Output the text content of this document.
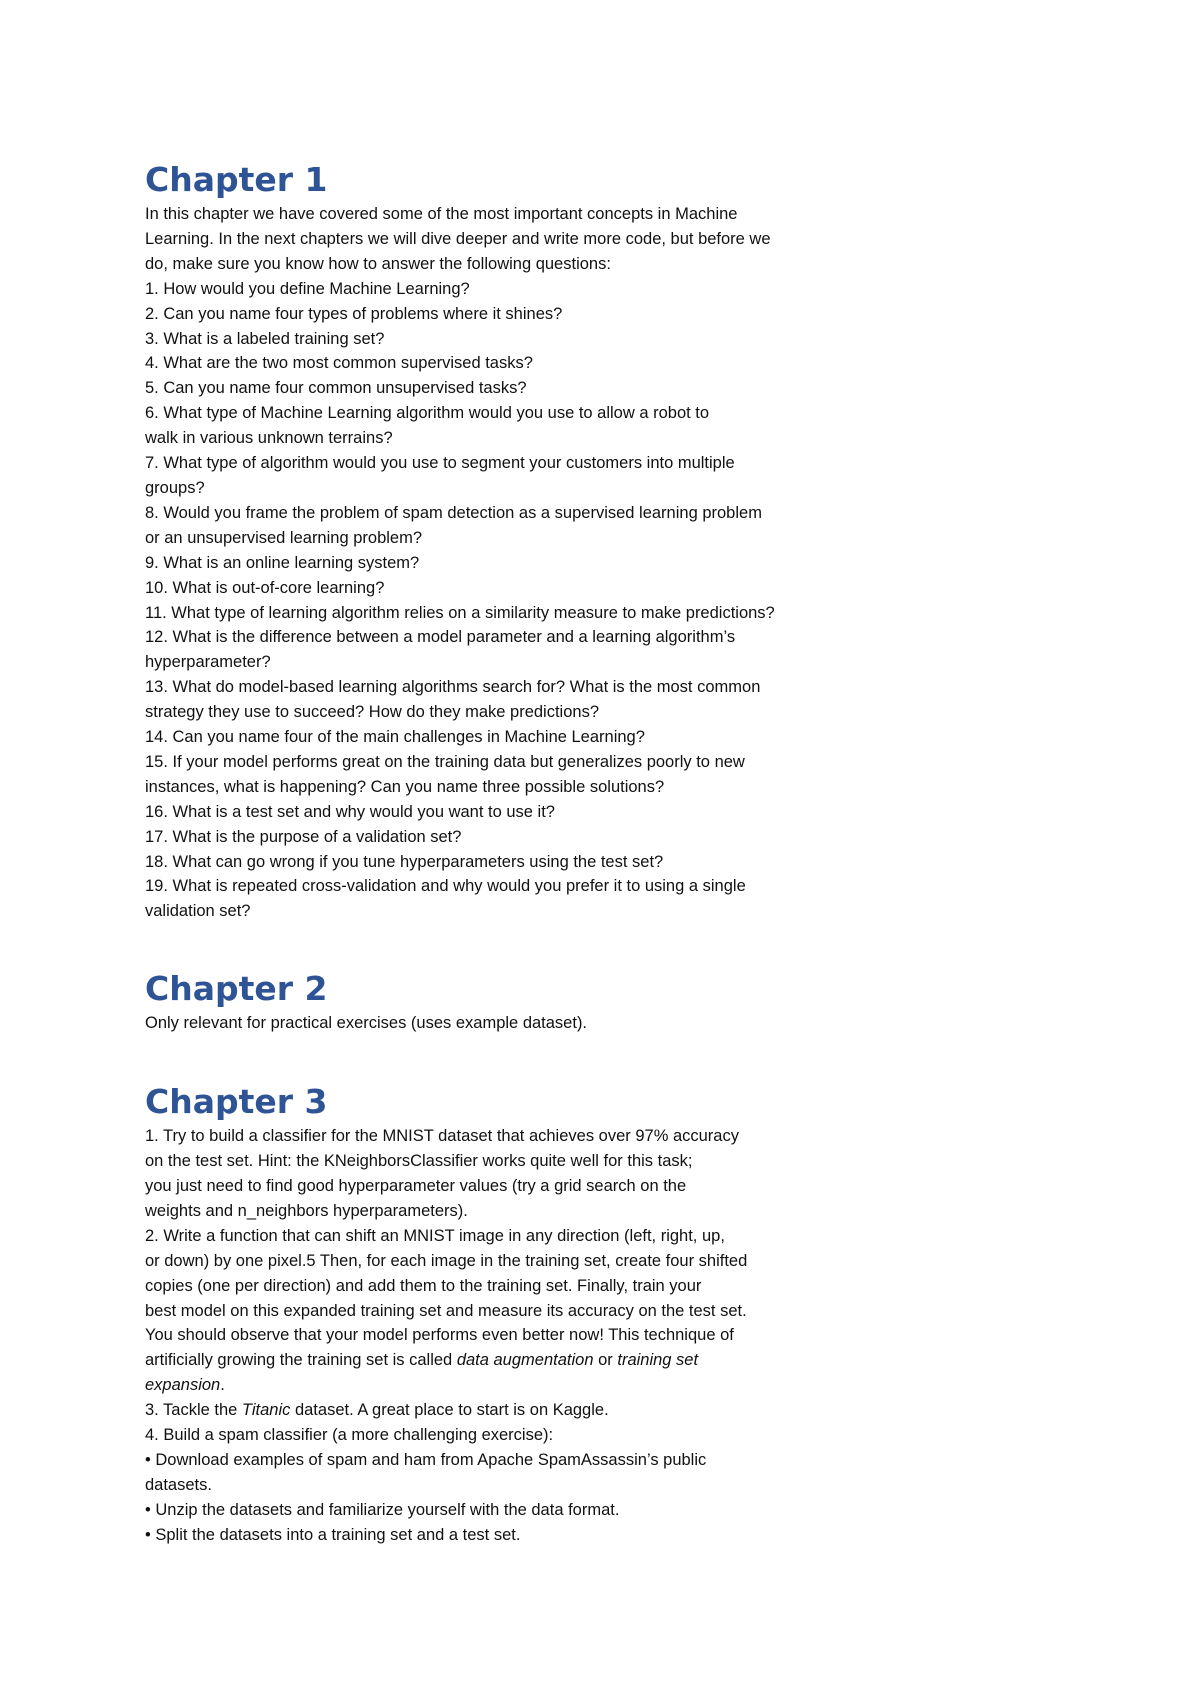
Chapter 1

In this chapter we have covered some of the most important concepts in Machine

Learning. In the next chapters we will dive deeper and write more code, but before we

do, make sure you know how to answer the following questions:

1. How would you define Machine Learning?

2. Can you name four types of problems where it shines?

3. What is a labeled training set?

4. What are the two most common supervised tasks?

5. Can you name four common unsupervised tasks?

6. What type of Machine Learning algorithm would you use to allow a robot to

walk in various unknown terrains?

7. What type of algorithm would you use to segment your customers into multiple

groups?

8. Would you frame the problem of spam detection as a supervised learning problem

or an unsupervised learning problem?

9. What is an online learning system?

10. What is out-of-core learning?

11. What type of learning algorithm relies on a similarity measure to make predictions?

12. What is the difference between a model parameter and a learning algorithm’s

hyperparameter?

13. What do model-based learning algorithms search for? What is the most common

strategy they use to succeed? How do they make predictions?

14. Can you name four of the main challenges in Machine Learning?

15. If your model performs great on the training data but generalizes poorly to new

instances, what is happening? Can you name three possible solutions?

16. What is a test set and why would you want to use it?

17. What is the purpose of a validation set?

18. What can go wrong if you tune hyperparameters using the test set?

19. What is repeated cross-validation and why would you prefer it to using a single

validation set?

Chapter 2

Only relevant for practical exercises (uses example dataset).

Chapter 3

1. Try to build a classifier for the MNIST dataset that achieves over 97% accuracy

on the test set. Hint: the KNeighborsClassifier works quite well for this task;

you just need to find good hyperparameter values (try a grid search on the

weights and n_neighbors hyperparameters).

2. Write a function that can shift an MNIST image in any direction (left, right, up,

or down) by one pixel.5 Then, for each image in the training set, create four shifted

copies (one per direction) and add them to the training set. Finally, train your

best model on this expanded training set and measure its accuracy on the test set.

You should observe that your model performs even better now! This technique of

artificially growing the training set is called data augmentation or training set

expansion.

3. Tackle the Titanic dataset. A great place to start is on Kaggle.

4. Build a spam classifier (a more challenging exercise):

• Download examples of spam and ham from Apache SpamAssassin’s public

datasets.

• Unzip the datasets and familiarize yourself with the data format.

• Split the datasets into a training set and a test set.
